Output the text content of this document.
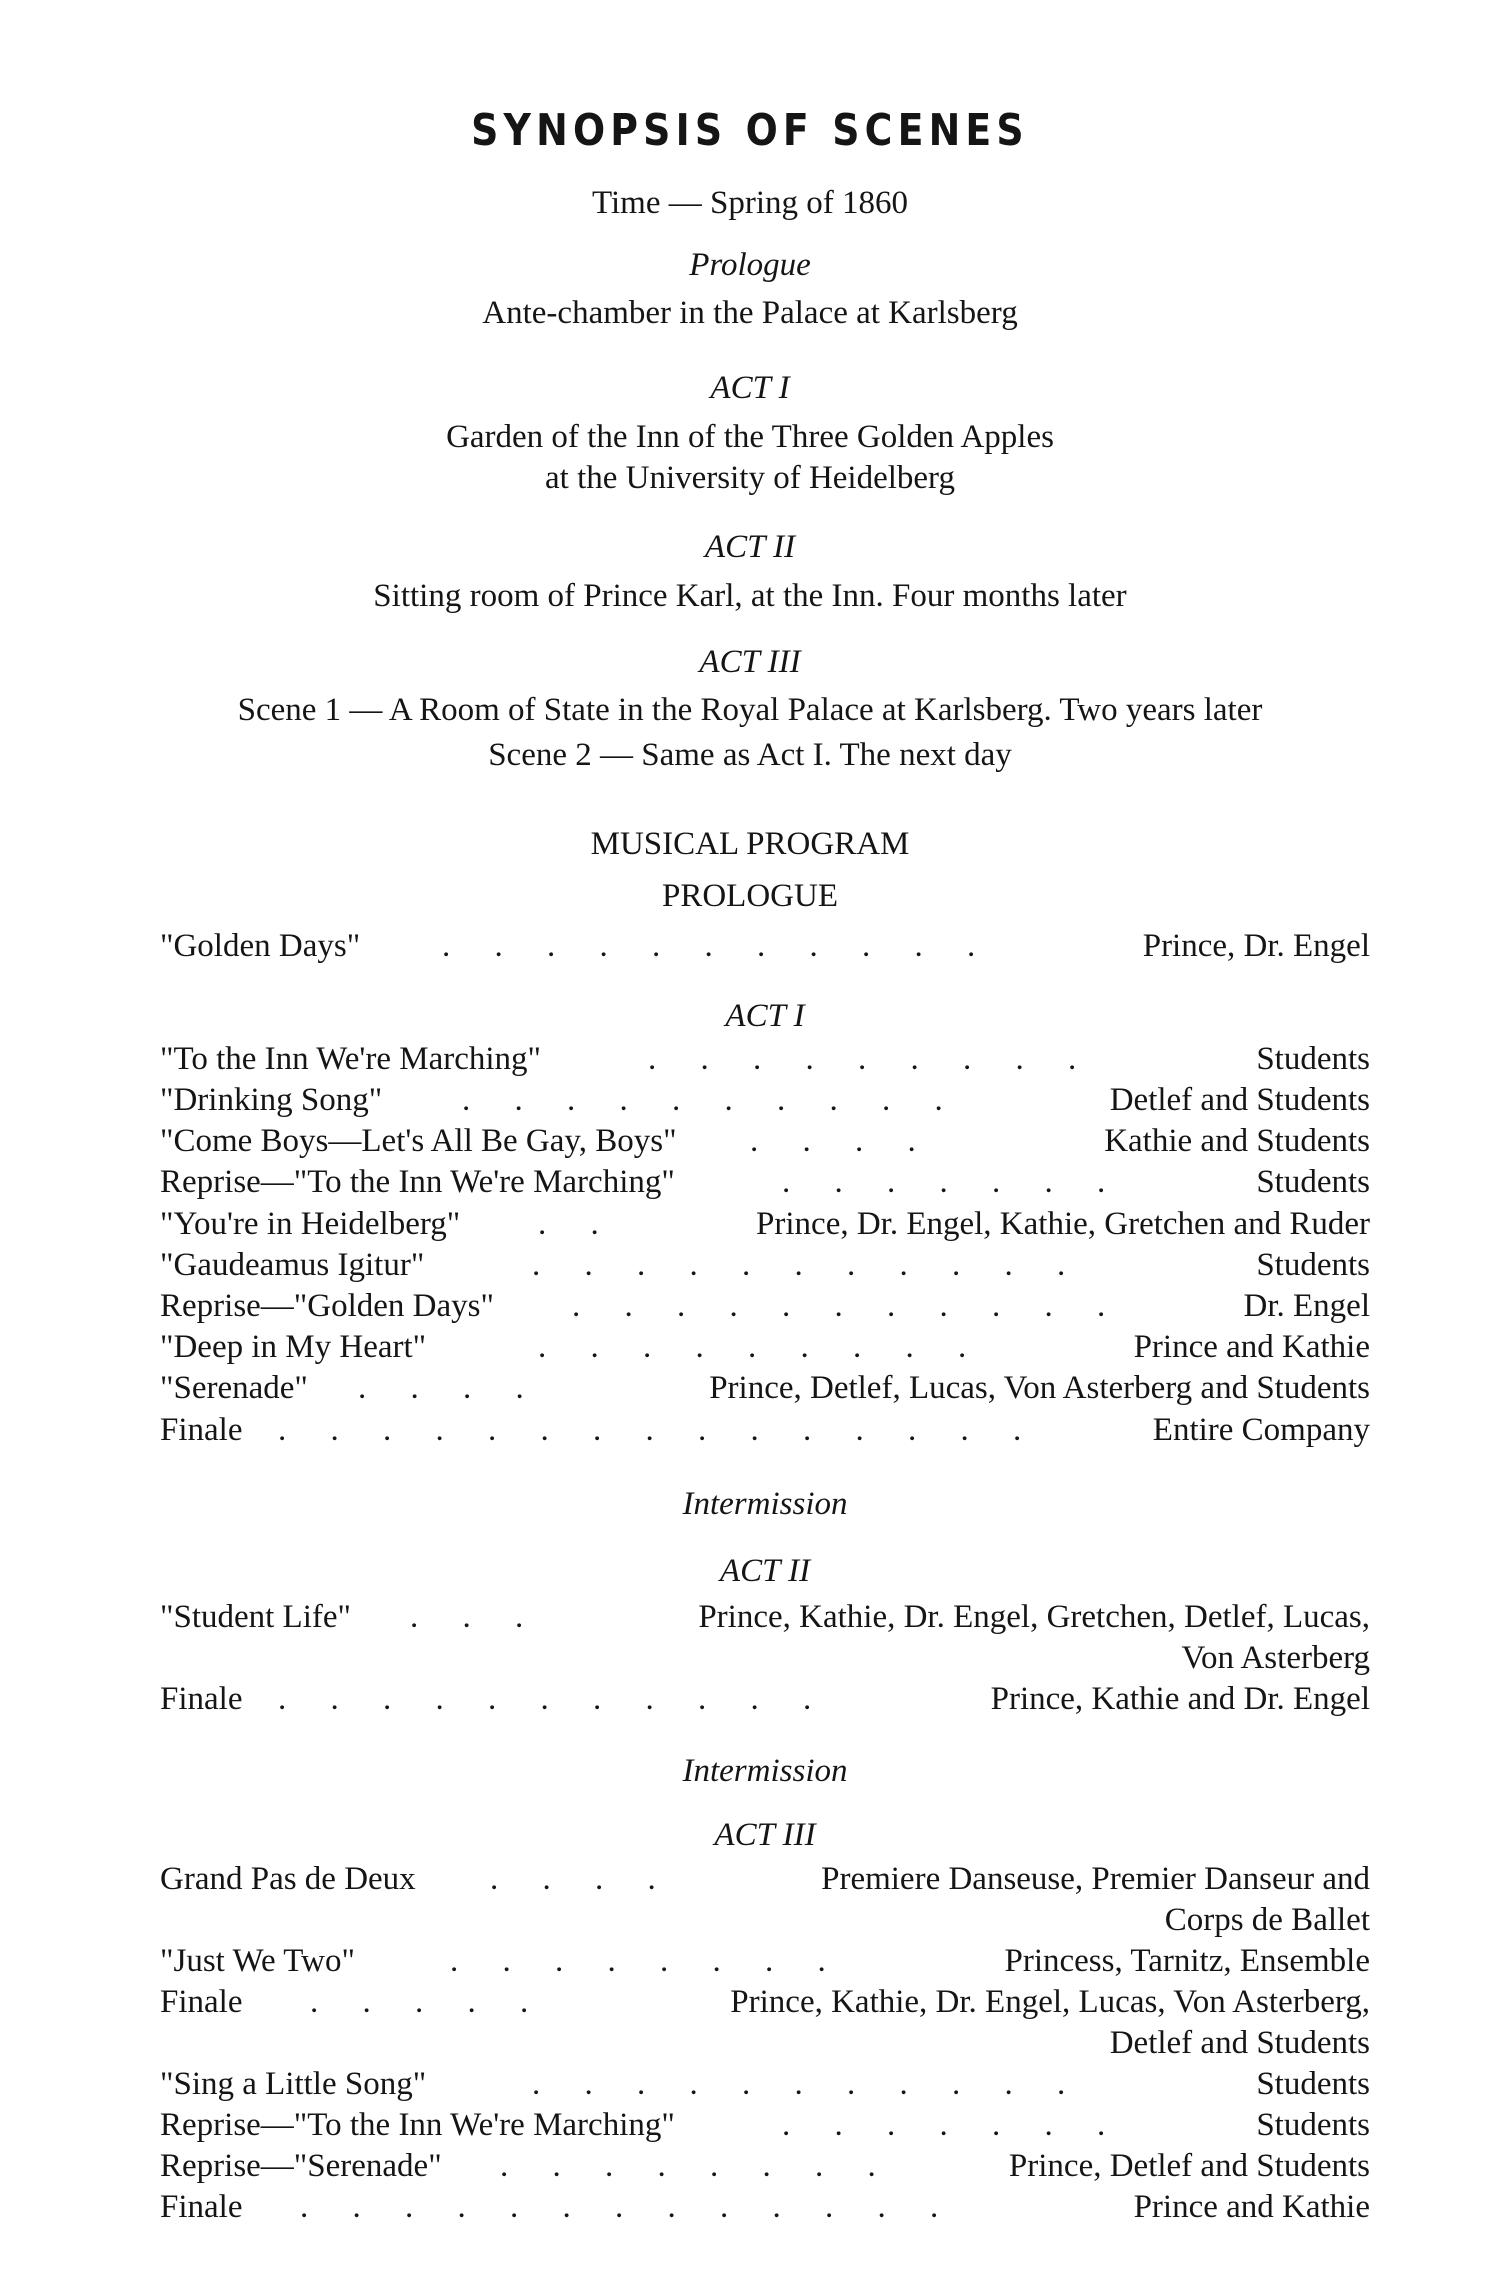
SYNOPSIS OF SCENES
Time — Spring of 1860
Prologue
Ante-chamber in the Palace at Karlsberg
ACT I
Garden of the Inn of the Three Golden Apples
at the University of Heidelberg
ACT II
Sitting room of Prince Karl, at the Inn. Four months later
ACT III
Scene 1 — A Room of State in the Royal Palace at Karlsberg. Two years later
Scene 2 — Same as Act I. The next day
MUSICAL PROGRAM
PROLOGUE
"Golden Days" . . . . . . . . . . .	Prince, Dr. Engel
ACT I
"To the Inn We're Marching"	. . . . . . . . .	Students
"Drinking Song" . . . . . . . . . .	Detlef and Students
"Come Boys—Let's All Be Gay, Boys" . . . .	Kathie and Students
Reprise—"To the Inn We're Marching"	. . . . . . .	Students
"You're in Heidelberg" . .	Prince, Dr. Engel, Kathie, Gretchen and Ruder
"Gaudeamus Igitur"	. . . . . . . . . . .	Students
Reprise—"Golden Days" . . . . . . . . . . .	Dr. Engel
"Deep in My Heart"	. . . . . . . . .	Prince and Kathie
"Serenade" . . . .	Prince, Detlef, Lucas, Von Asterberg and Students
Finale . . . . . . . . . . . . . . .	Entire Company
Intermission
ACT II
"Student Life" . . .	Prince, Kathie, Dr. Engel, Gretchen, Detlef, Lucas,
Von Asterberg
Finale . . . . . . . . . . .	Prince, Kathie and Dr. Engel
Intermission
ACT III
Grand Pas de Deux . . . .	Premiere Danseuse, Premier Danseur and
Corps de Ballet
"Just We Two"	. . . . . . . .	Princess, Tarnitz, Ensemble
Finale . . . . .	Prince, Kathie, Dr. Engel, Lucas, Von Asterberg,
Detlef and Students
"Sing a Little Song"	. . . . . . . . . . .	Students
Reprise—"To the Inn We're Marching"	. . . . . . .	Students
Reprise—"Serenade" . . . . . . . .	Prince, Detlef and Students
Finale . . . . . . . . . . . . .	Prince and Kathie
